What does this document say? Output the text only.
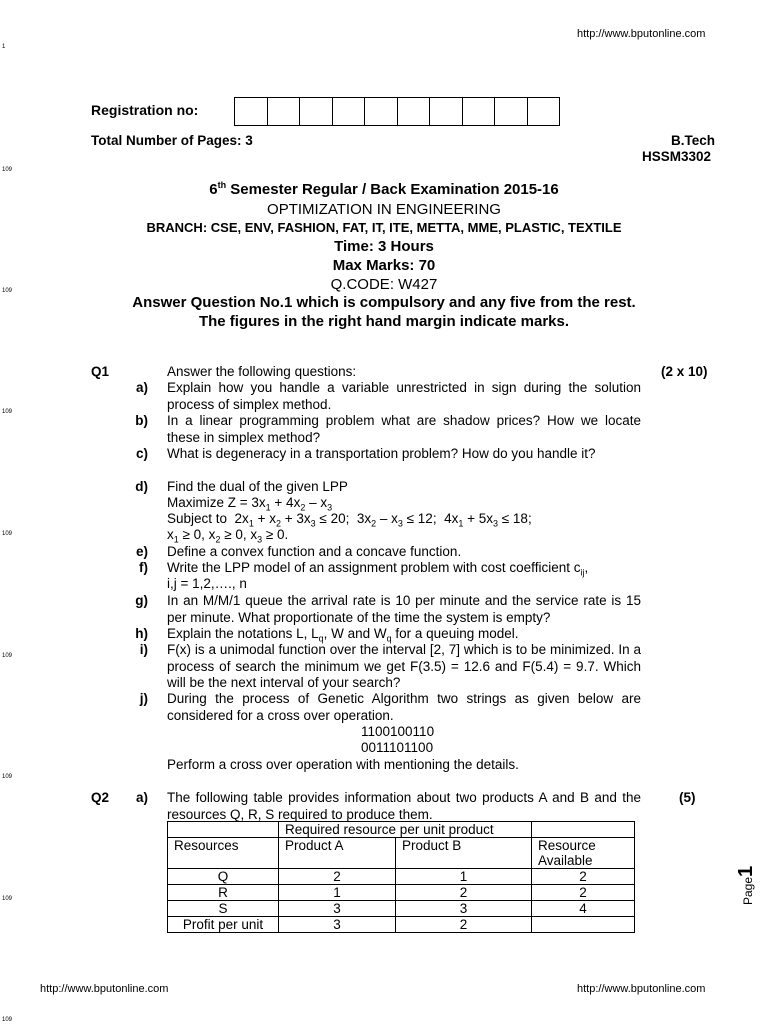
1
109
109
109
109
109
109
109
109
http://www.bputonline.com
Registration no:
Total Number of Pages: 3	B.Tech
HSSM3302
6th Semester Regular / Back Examination 2015-16
OPTIMIZATION IN ENGINEERING
BRANCH: CSE, ENV, FASHION, FAT, IT, ITE, METTA, MME, PLASTIC, TEXTILE
Time: 3 Hours
Max Marks: 70
Q.CODE: W427
Answer Question No.1 which is compulsory and any five from the rest.
The figures in the right hand margin indicate marks.
Q1	Answer the following questions:	(2 x 10)
a) Explain how you handle a variable unrestricted in sign during the solution process of simplex method.
b) In a linear programming problem what are shadow prices? How we locate these in simplex method?
c) What is degeneracy in a transportation problem? How do you handle it?
d) Find the dual of the given LPP
Maximize $Z = 3x_1 + 4x_2 - x_3$
Subject to  $2x_1 + x_2 + 3x_3 \le 20$;  $3x_2 - x_3 \le 12$;  $4x_1 + 5x_3 \le 18$;
$x_1 \ge 0$, $x_2 \ge 0$, $x_3 \ge 0$.
e) Define a convex function and a concave function.
f) Write the LPP model of an assignment problem with cost coefficient $c_{ij}$,
i,j = 1,2,…., n
g) In an M/M/1 queue the arrival rate is 10 per minute and the service rate is 15 per minute. What proportionate of the time the system is empty?
h) Explain the notations L, $L_q$, W and $W_q$ for a queuing model.
i) F(x) is a unimodal function over the interval [2, 7] which is to be minimized. In a process of search the minimum we get F(3.5) = 12.6 and F(5.4) = 9.7. Which will be the next interval of your search?
j) During the process of Genetic Algorithm two strings as given below are considered for a cross over operation.
1100100110
0011101100
Perform a cross over operation with mentioning the details.
Q2	a) The following table provides information about two products A and B and the resources Q, R, S required to produce them.
(5)
	Required resource per unit product		
Resources	Product A	Product B	Resource
Available
Q	2	1	2
R	1	2	2
S	3	3	4
Profit per unit	3	2	
Page1
http://www.bputonline.com	http://www.bputonline.com
